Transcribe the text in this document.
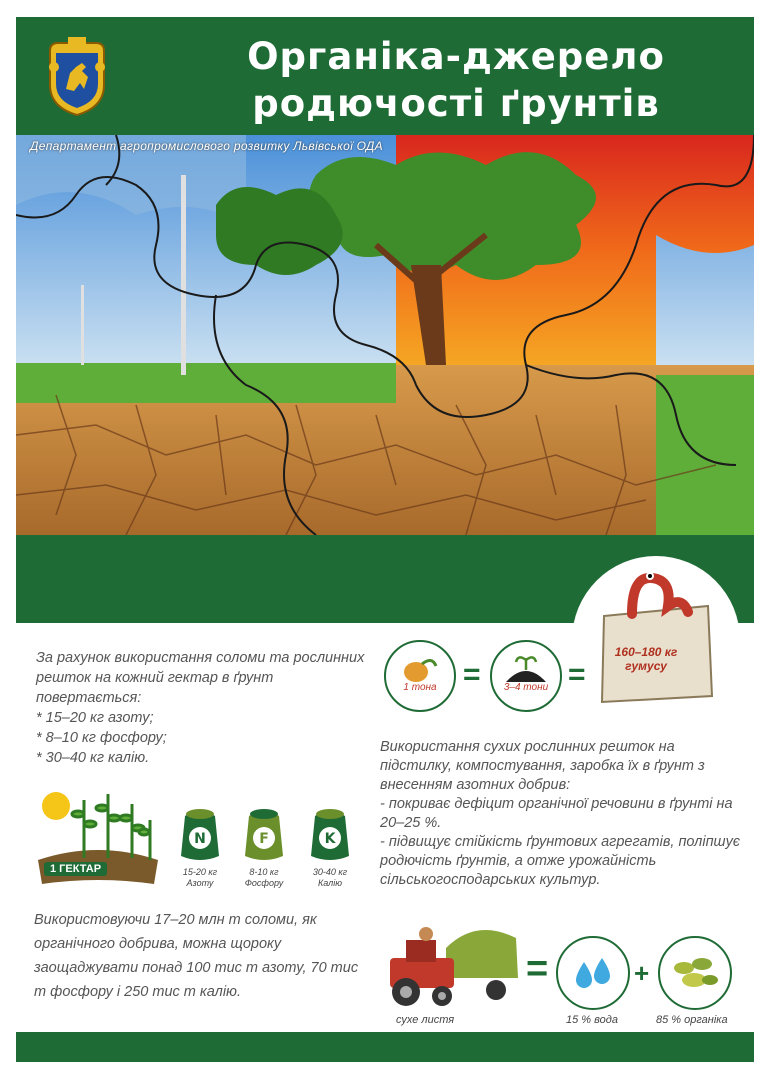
Органіка-джерело
родючості ґрунтів
Департамент агропромислового розвитку Львівської ОДА

За рахунок використання соломи та рослинних решток на кожний гектар в ґрунт повертається:

* 15–20 кг азоту;
* 8–10 кг фосфору;
* 30–40 кг калію.
1 тона =	3–4 тони =
160–180 кг гумусу
1 ГЕКТАР
N
15-20 кг
Азоту
F
8-10 кг
Фосфору
K
30-40 кг
Калію

Використання сухих рослинних решток на підстилку, компостування, заробка їх в ґрунт з внесенням азотних добрив:

- покриває дефіцит органічної речовини в ґрунті на 20–25 %.

- підвищує стійкість ґрунтових агрегатів, поліпшує родючість ґрунтів, а отже урожайність сільськогосподарських культур.

Використовуючи 17–20 млн т соломи, як органічного добрива, можна щороку заощаджувати понад 100 тис т азоту, 70 тис т фосфору і 250 тис т калію.
сухе листя
=
15 % вода
+
85 % органіка
